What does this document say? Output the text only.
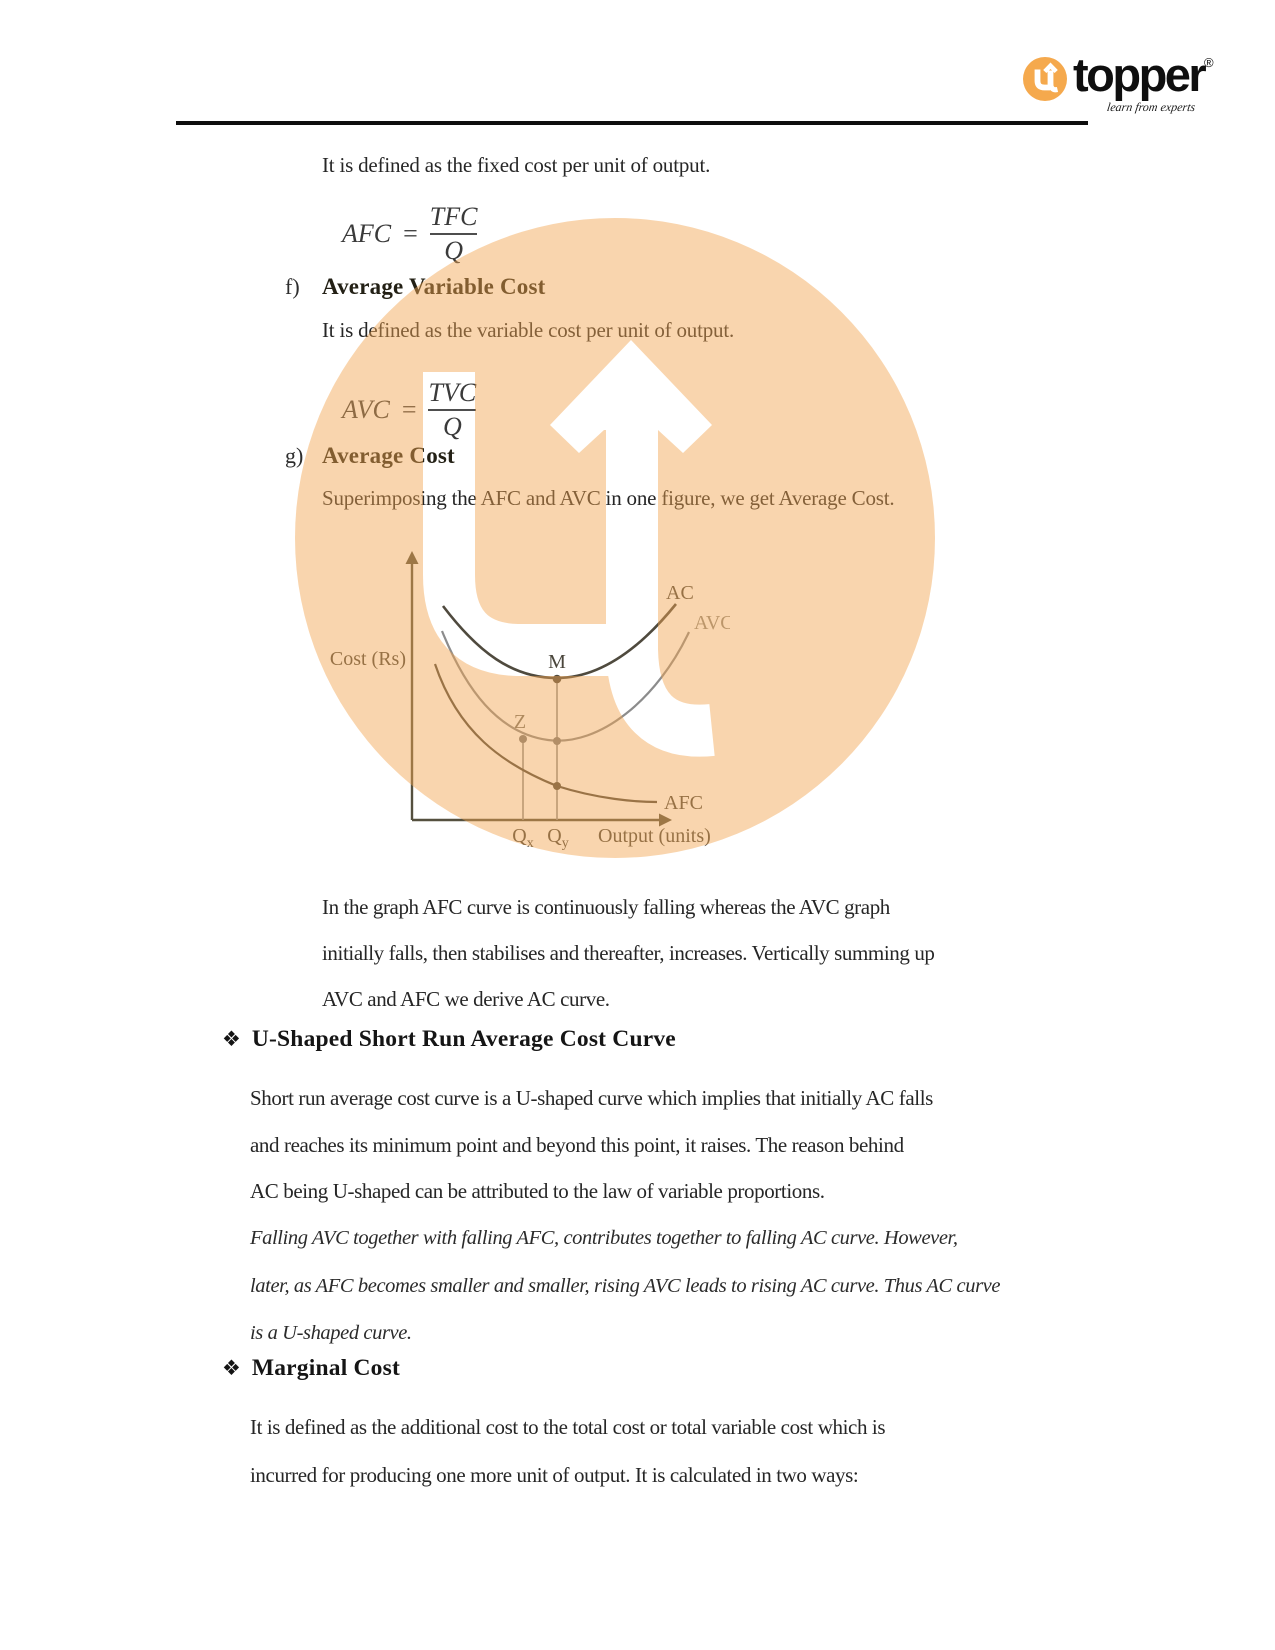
topper ®
learn from experts
It is defined as the fixed cost per unit of output.
AFC = $\frac{\text{TFC}}{Q}$
f) Average Variable Cost
It is defined as the variable cost per unit of output.
AVC = $\frac{\text{TVC}}{Q}$
g) Average Cost
Superimposing the AFC and AVC in one figure, we get Average Cost.
Cost (Rs)
AC
AVC
AFC
M
Z
$Q_x$ $Q_y$ Output (units)
In the graph AFC curve is continuously falling whereas the AVC graph
initially falls, then stabilises and thereafter, increases. Vertically summing up
AVC and AFC we derive AC curve.
❖ U-Shaped Short Run Average Cost Curve
Short run average cost curve is a U-shaped curve which implies that initially AC falls
and reaches its minimum point and beyond this point, it raises. The reason behind
AC being U-shaped can be attributed to the law of variable proportions.
Falling AVC together with falling AFC, contributes together to falling AC curve. However,
later, as AFC becomes smaller and smaller, rising AVC leads to rising AC curve. Thus AC curve
is a U-shaped curve.
❖ Marginal Cost
It is defined as the additional cost to the total cost or total variable cost which is
incurred for producing one more unit of output. It is calculated in two ways:
